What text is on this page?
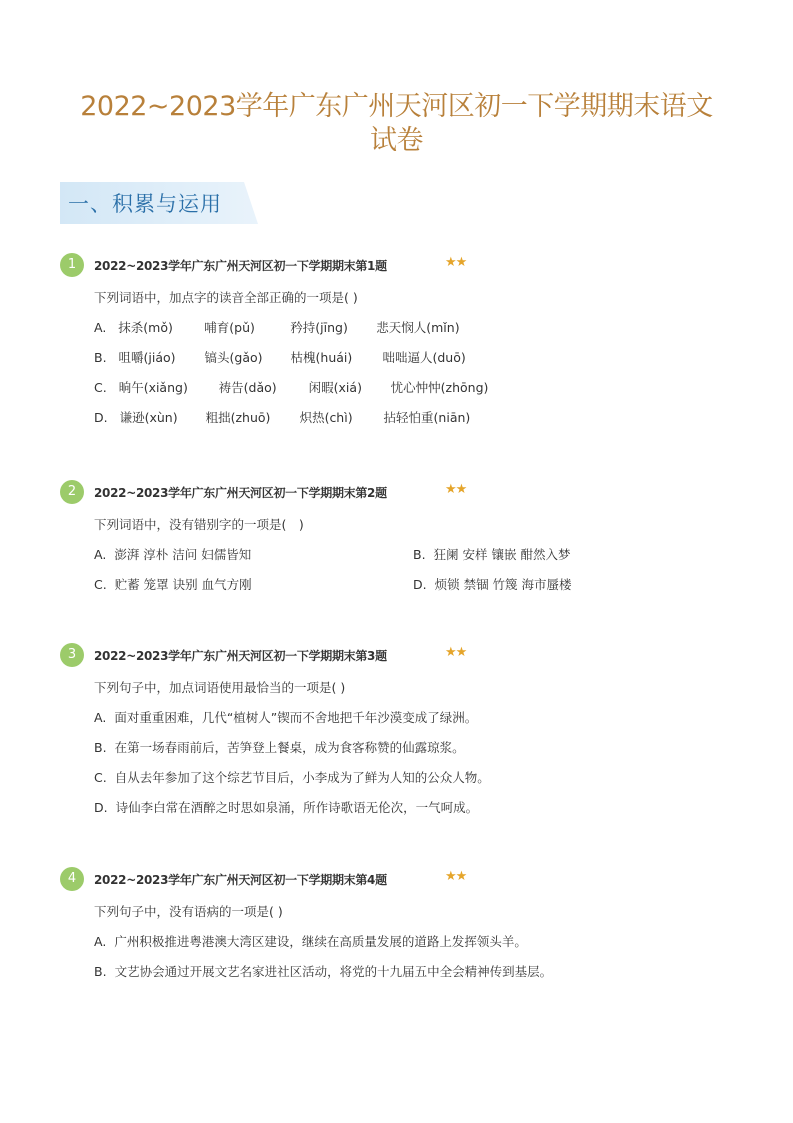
2022~2023学年广东广州天河区初一下学期期末语文
试卷
一、积累与运用
1	2022~2023学年广东广州天河区初一下学期期末第1题	★★
下列词语中，加点字的读音全部正确的一项是( )
A. 抹杀(mǒ)	哺育(pǔ)	矜持(jīng) 悲天悯人(mǐn)
B. 咀嚼(jiáo) 镐头(gǎo) 枯槐(huái) 咄咄逼人(duō)
C. 晌午(xiǎng) 祷告(dǎo)	闲暇(xiá) 忧心忡忡(zhōng)
D. 谦逊(xùn) 粗拙(zhuō) 炽热(chì) 拈轻怕重(niān)
2	2022~2023学年广东广州天河区初一下学期期末第2题	★★
下列词语中，没有错别字的一项是(　)
A. 澎湃 淳朴 洁问 妇儒皆知	B. 狂阑 安样 镶嵌 酣然入梦
C. 贮蓄 笼罩 诀别 血气方刚	D. 烦锁 禁锢 竹篾 海市蜃楼
3	2022~2023学年广东广州天河区初一下学期期末第3题	★★
下列句子中，加点词语使用最恰当的一项是( )
A. 面对重重困难，几代“植树人”锲而不舍地把千年沙漠变成了绿洲。
B. 在第一场春雨前后，苦笋登上餐桌，成为食客称赞的仙露琼浆。
C. 自从去年参加了这个综艺节目后，小李成为了鲜为人知的公众人物。
D. 诗仙李白常在酒醉之时思如泉涌，所作诗歌语无伦次，一气呵成。
4	2022~2023学年广东广州天河区初一下学期期末第4题	★★
下列句子中，没有语病的一项是( )
A. 广州积极推进粤港澳大湾区建设，继续在高质量发展的道路上发挥领头羊。
B. 文艺协会通过开展文艺名家进社区活动，将党的十九届五中全会精神传到基层。
